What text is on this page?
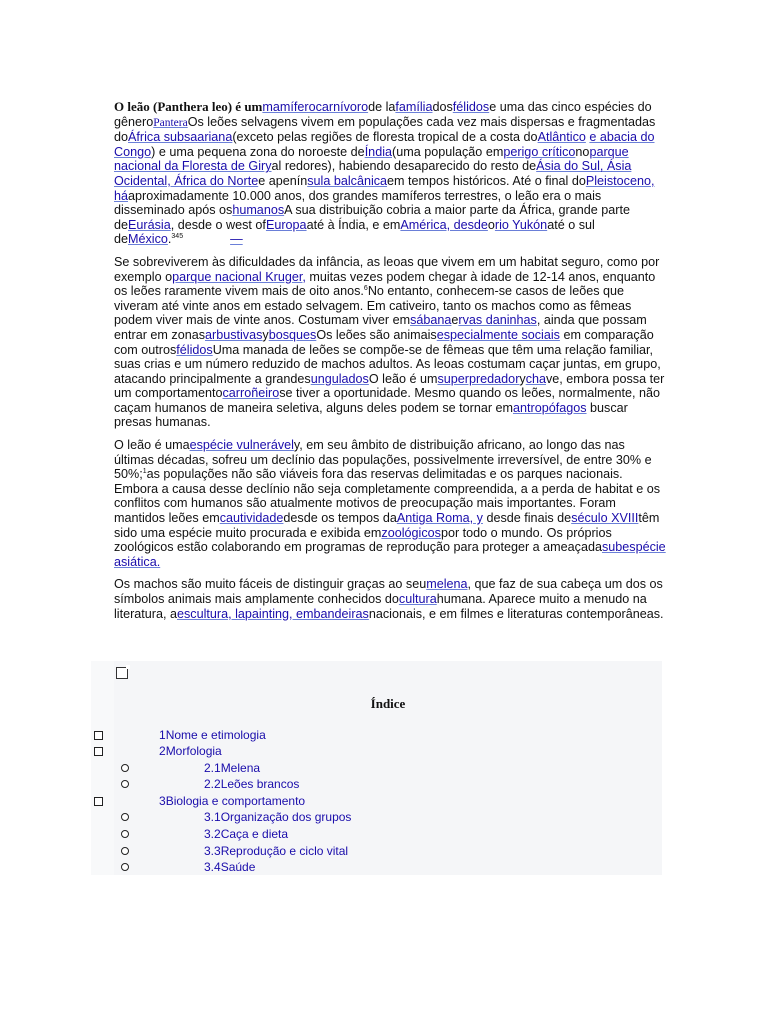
O leão (Panthera leo) é ummamíferocarnívorode lafamíliadosfélidose uma das cinco espécies do gêneroPanteraOs leões selvagens vivem em populações cada vez mais dispersas e fragmentadas doÁfrica subsaariana(exceto pelas regiões de floresta tropical de a costa doAtlântico e abacia do Congo) e uma pequena zona do noroeste deÍndia(uma população emperigo críticonoparque nacional da Floresta de Giryal redores), habiendo desaparecido do resto deÁsia do Sul, Ásia Ocidental, África do Nortee apenínsula balcânicaem tempos históricos. Até o final doPleistoceno, háaproximadamente 10.000 anos, dos grandes mamíferos terrestres, o leão era o mais disseminado após oshumanosA sua distribuição cobria a maior parte da África, grande parte deEurásia, desde o west ofEuropaaté à Índia, e emAmérica, desdeorio Yukónaté o sul deMéxico.$^{345}$	—

Se sobreviverem às dificuldades da infância, as leoas que vivem em um habitat seguro, como por exemplo oparque nacional Kruger, muitas vezes podem chegar à idade de 12-14 anos, enquanto os leões raramente vivem mais de oito anos.$^6$No entanto, conhecem-se casos de leões que viveram até vinte anos em estado selvagem. Em cativeiro, tanto os machos como as fêmeas podem viver mais de vinte anos. Costumam viver emsábanaervas daninhas, ainda que possam entrar em zonasarbustivasybosquesOs leões são animaisespecialmente sociais em comparação com outrosfélidosUma manada de leões se compõe-se de fêmeas que têm uma relação familiar, suas crias e um número reduzido de machos adultos. As leoas costumam caçar juntas, em grupo, atacando principalmente a grandesunguladosO leão é umsuperpredadorychave, embora possa ter um comportamentocarroñeirose tiver a oportunidade. Mesmo quando os leões, normalmente, não caçam humanos de maneira seletiva, alguns deles podem se tornar emantropófagos buscar presas humanas.

O leão é umaespécie vulnerávely, em seu âmbito de distribuição africano, ao longo das nas últimas décadas, sofreu um declínio das populações, possivelmente irreversível, de entre 30% e 50%;$^1$as populações não são viáveis fora das reservas delimitadas e os parques nacionais. Embora a causa desse declínio não seja completamente compreendida, a a perda de habitat e os conflitos com humanos são atualmente motivos de preocupação mais importantes. Foram mantidos leões emcautividadedesde os tempos daAntiga Roma, y desde finais deséculo XVIIItêm sido uma espécie muito procurada e exibida emzoológicospor todo o mundo. Os próprios zoológicos estão colaborando em programas de reprodução para proteger a ameaçadasubespécie asiática.

Os machos são muito fáceis de distinguir graças ao seumelena, que faz de sua cabeça um dos os símbolos animais mais amplamente conhecidos doculturahumana. Aparece muito a menudo na literatura, aescultura, lapainting, embandeirasnacionais, e em filmes e literaturas contemporâneas.

Índice
1Nome e etimologia
2Morfologia
2.1Melena
2.2Leões brancos
3Biologia e comportamento
3.1Organização dos grupos
3.2Caça e dieta
3.3Reprodução e ciclo vital
3.4Saúde
